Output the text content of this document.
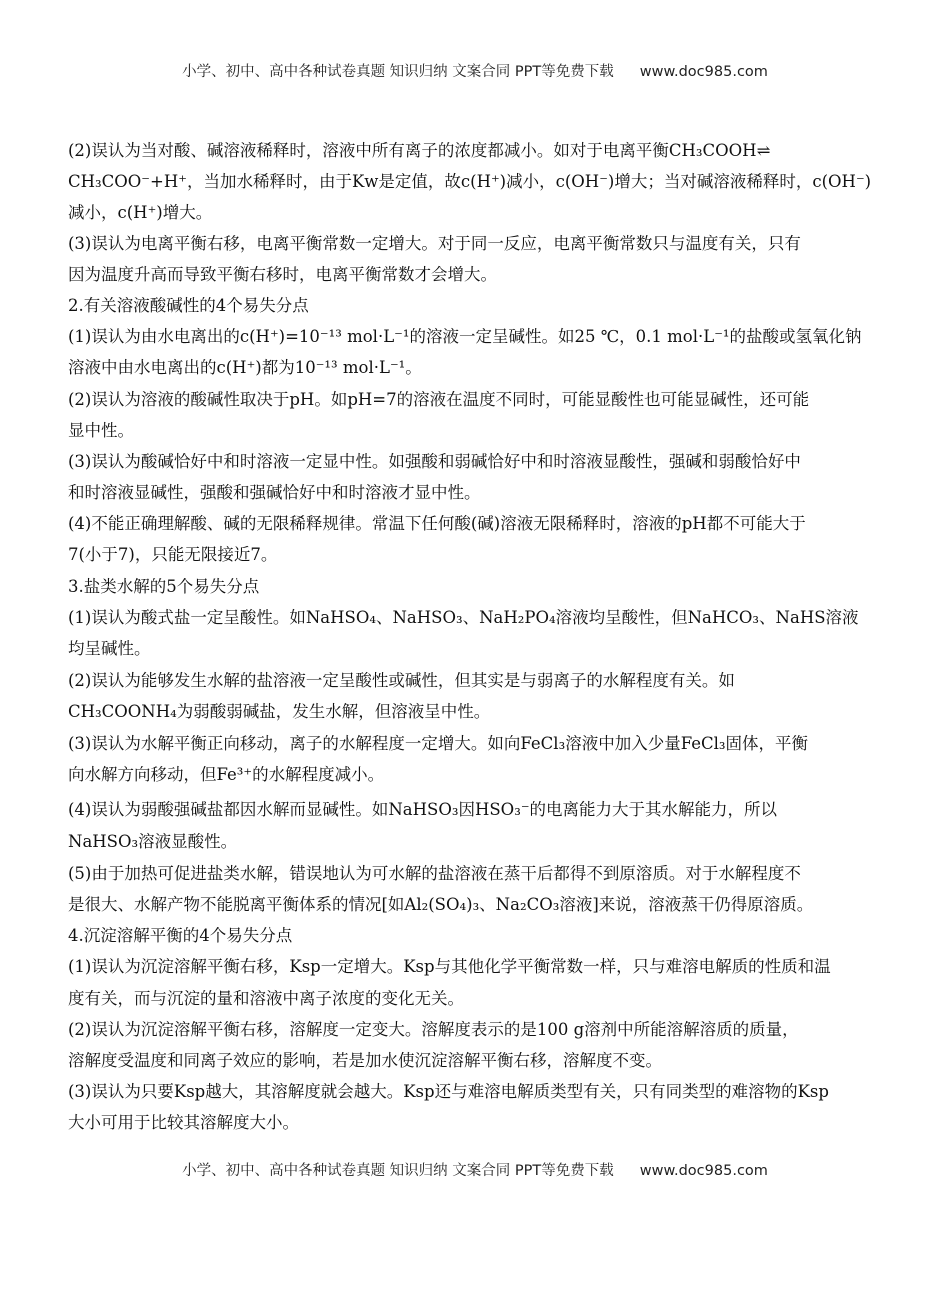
小学、初中、高中各种试卷真题 知识归纳 文案合同 PPT等免费下载 www.doc985.com
(2)误认为当对酸、碱溶液稀释时，溶液中所有离子的浓度都减小。如对于电离平衡CH₃COOH⇌
CH₃COO⁻+H⁺，当加水稀释时，由于Kw是定值，故c(H⁺)减小，c(OH⁻)增大；当对碱溶液稀释时，c(OH⁻)
减小，c(H⁺)增大。
(3)误认为电离平衡右移，电离平衡常数一定增大。对于同一反应，电离平衡常数只与温度有关，只有
因为温度升高而导致平衡右移时，电离平衡常数才会增大。
2.有关溶液酸碱性的4个易失分点
(1)误认为由水电离出的c(H⁺)=10⁻¹³ mol·L⁻¹的溶液一定呈碱性。如25 ℃，0.1 mol·L⁻¹的盐酸或氢氧化钠
溶液中由水电离出的c(H⁺)都为10⁻¹³ mol·L⁻¹。
(2)误认为溶液的酸碱性取决于pH。如pH=7的溶液在温度不同时，可能显酸性也可能显碱性，还可能
显中性。
(3)误认为酸碱恰好中和时溶液一定显中性。如强酸和弱碱恰好中和时溶液显酸性，强碱和弱酸恰好中
和时溶液显碱性，强酸和强碱恰好中和时溶液才显中性。
(4)不能正确理解酸、碱的无限稀释规律。常温下任何酸(碱)溶液无限稀释时，溶液的pH都不可能大于
7(小于7)，只能无限接近7。
3.盐类水解的5个易失分点
(1)误认为酸式盐一定呈酸性。如NaHSO₄、NaHSO₃、NaH₂PO₄溶液均呈酸性，但NaHCO₃、NaHS溶液
均呈碱性。
(2)误认为能够发生水解的盐溶液一定呈酸性或碱性，但其实是与弱离子的水解程度有关。如
CH₃COONH₄为弱酸弱碱盐，发生水解，但溶液呈中性。
(3)误认为水解平衡正向移动，离子的水解程度一定增大。如向FeCl₃溶液中加入少量FeCl₃固体，平衡
向水解方向移动，但Fe³⁺的水解程度减小。
(4)误认为弱酸强碱盐都因水解而显碱性。如NaHSO₃因HSO₃⁻的电离能力大于其水解能力，所以
NaHSO₃溶液显酸性。
(5)由于加热可促进盐类水解，错误地认为可水解的盐溶液在蒸干后都得不到原溶质。对于水解程度不
是很大、水解产物不能脱离平衡体系的情况[如Al₂(SO₄)₃、Na₂CO₃溶液]来说，溶液蒸干仍得原溶质。
4.沉淀溶解平衡的4个易失分点
(1)误认为沉淀溶解平衡右移，Ksp一定增大。Ksp与其他化学平衡常数一样，只与难溶电解质的性质和温
度有关，而与沉淀的量和溶液中离子浓度的变化无关。
(2)误认为沉淀溶解平衡右移，溶解度一定变大。溶解度表示的是100 g溶剂中所能溶解溶质的质量，
溶解度受温度和同离子效应的影响，若是加水使沉淀溶解平衡右移，溶解度不变。
(3)误认为只要Ksp越大，其溶解度就会越大。Ksp还与难溶电解质类型有关，只有同类型的难溶物的Ksp
大小可用于比较其溶解度大小。
小学、初中、高中各种试卷真题 知识归纳 文案合同 PPT等免费下载 www.doc985.com
